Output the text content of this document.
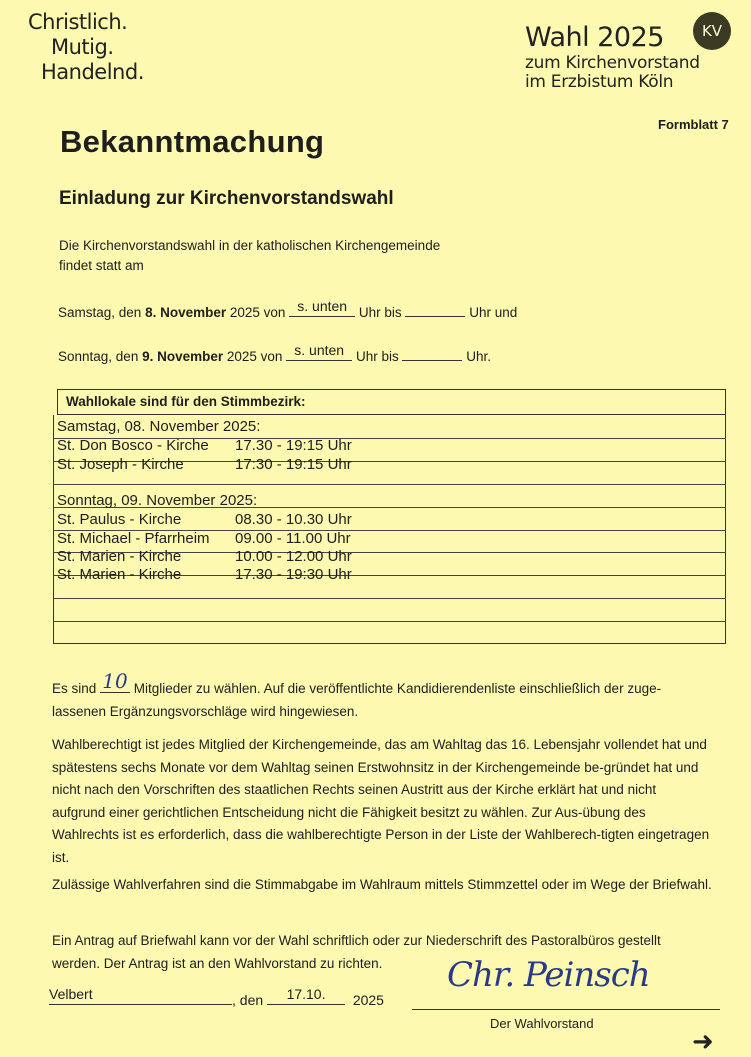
Christlich.
Mutig.
Handelnd.
Wahl 2025
zum Kirchenvorstand
im Erzbistum Köln
KV
Formblatt 7
Bekanntmachung
Einladung zur Kirchenvorstandswahl
Die Kirchenvorstandswahl in der katholischen Kirchengemeinde
findet statt am
Samstag, den 8. November 2025 von s. unten Uhr bis	Uhr und
Sonntag, den 9. November 2025 von s. unten Uhr bis	Uhr.
Wahllokale sind für den Stimmbezirk:
Samstag, 08. November 2025:
St. Don Bosco - Kirche 17.30 - 19:15 Uhr
St. Joseph - Kirche	17:30 - 19:15 Uhr
Sonntag, 09. November 2025:
St. Paulus - Kirche	08.30 - 10.30 Uhr
St. Michael - Pfarrheim 09.00 - 11.00 Uhr
St. Marien - Kirche	10.00 - 12.00 Uhr
St. Marien - Kirche	17.30 - 19:30 Uhr
Es sind 10 Mitglieder zu wählen. Auf die veröffentlichte Kandidierendenliste einschließlich der zuge-lassenen Ergänzungsvorschläge wird hingewiesen.
Wahlberechtigt ist jedes Mitglied der Kirchengemeinde, das am Wahltag das 16. Lebensjahr vollendet hat und spätestens sechs Monate vor dem Wahltag seinen Erstwohnsitz in der Kirchengemeinde be-gründet hat und nicht nach den Vorschriften des staatlichen Rechts seinen Austritt aus der Kirche erklärt hat und nicht aufgrund einer gerichtlichen Entscheidung nicht die Fähigkeit besitzt zu wählen. Zur Aus-übung des Wahlrechts ist es erforderlich, dass die wahlberechtigte Person in der Liste der Wahlberech-tigten eingetragen ist.
Zulässige Wahlverfahren sind die Stimmabgabe im Wahlraum mittels Stimmzettel oder im Wege der Briefwahl.
Ein Antrag auf Briefwahl kann vor der Wahl schriftlich oder zur Niederschrift des Pastoralbüros gestellt werden. Der Antrag ist an den Wahlvorstand zu richten.
Velbert	, den	17.10.	2025
Chr. Peinsch
Der Wahlvorstand
➜
